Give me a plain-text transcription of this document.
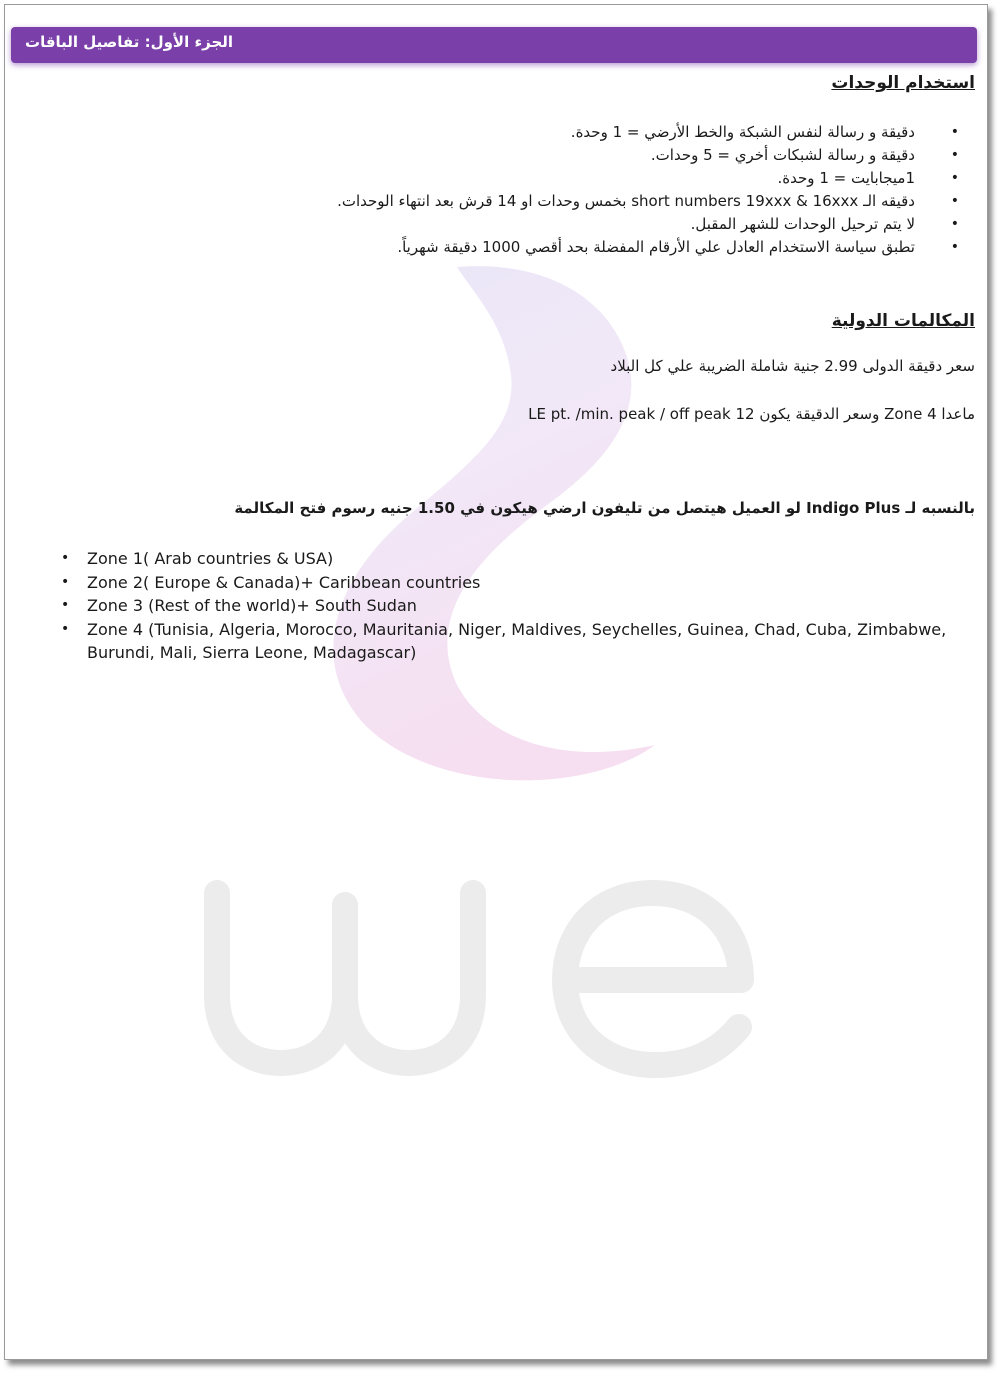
الجزء الأول: تفاصيل الباقات
استخدام الوحدات
• دقيقة و رسالة لنفس الشبكة والخط الأرضي = 1 وحدة.
• دقيقة و رسالة لشبكات أخري = 5 وحدات.
• 1ميجابايت = 1 وحدة.
• دقيقه الـ short numbers 19xxx & 16xxx بخمس وحدات او 14 قرش بعد انتهاء الوحدات.
• لا يتم ترحيل الوحدات للشهر المقبل.
• تطبق سياسة الاستخدام العادل علي الأرقام المفضلة بحد أقصي 1000 دقيقة شهرياً.
المكالمات الدولية
سعر دقيقة الدولى 2.99 جنية شاملة الضريبة علي كل البلاد
ماعدا Zone 4 وسعر الدقيقة يكون 12 LE pt. /min. peak / off peak
بالنسبه لـ Indigo Plus لو العميل هيتصل من تليفون ارضي هيكون في 1.50 جنيه رسوم فتح المكالمة
• Zone 1( Arab countries & USA)
• Zone 2( Europe & Canada)+ Caribbean countries
• Zone 3 (Rest of the world)+ South Sudan
• Zone 4 (Tunisia, Algeria, Morocco, Mauritania, Niger, Maldives, Seychelles, Guinea, Chad, Cuba, Zimbabwe, Burundi, Mali, Sierra Leone, Madagascar)
